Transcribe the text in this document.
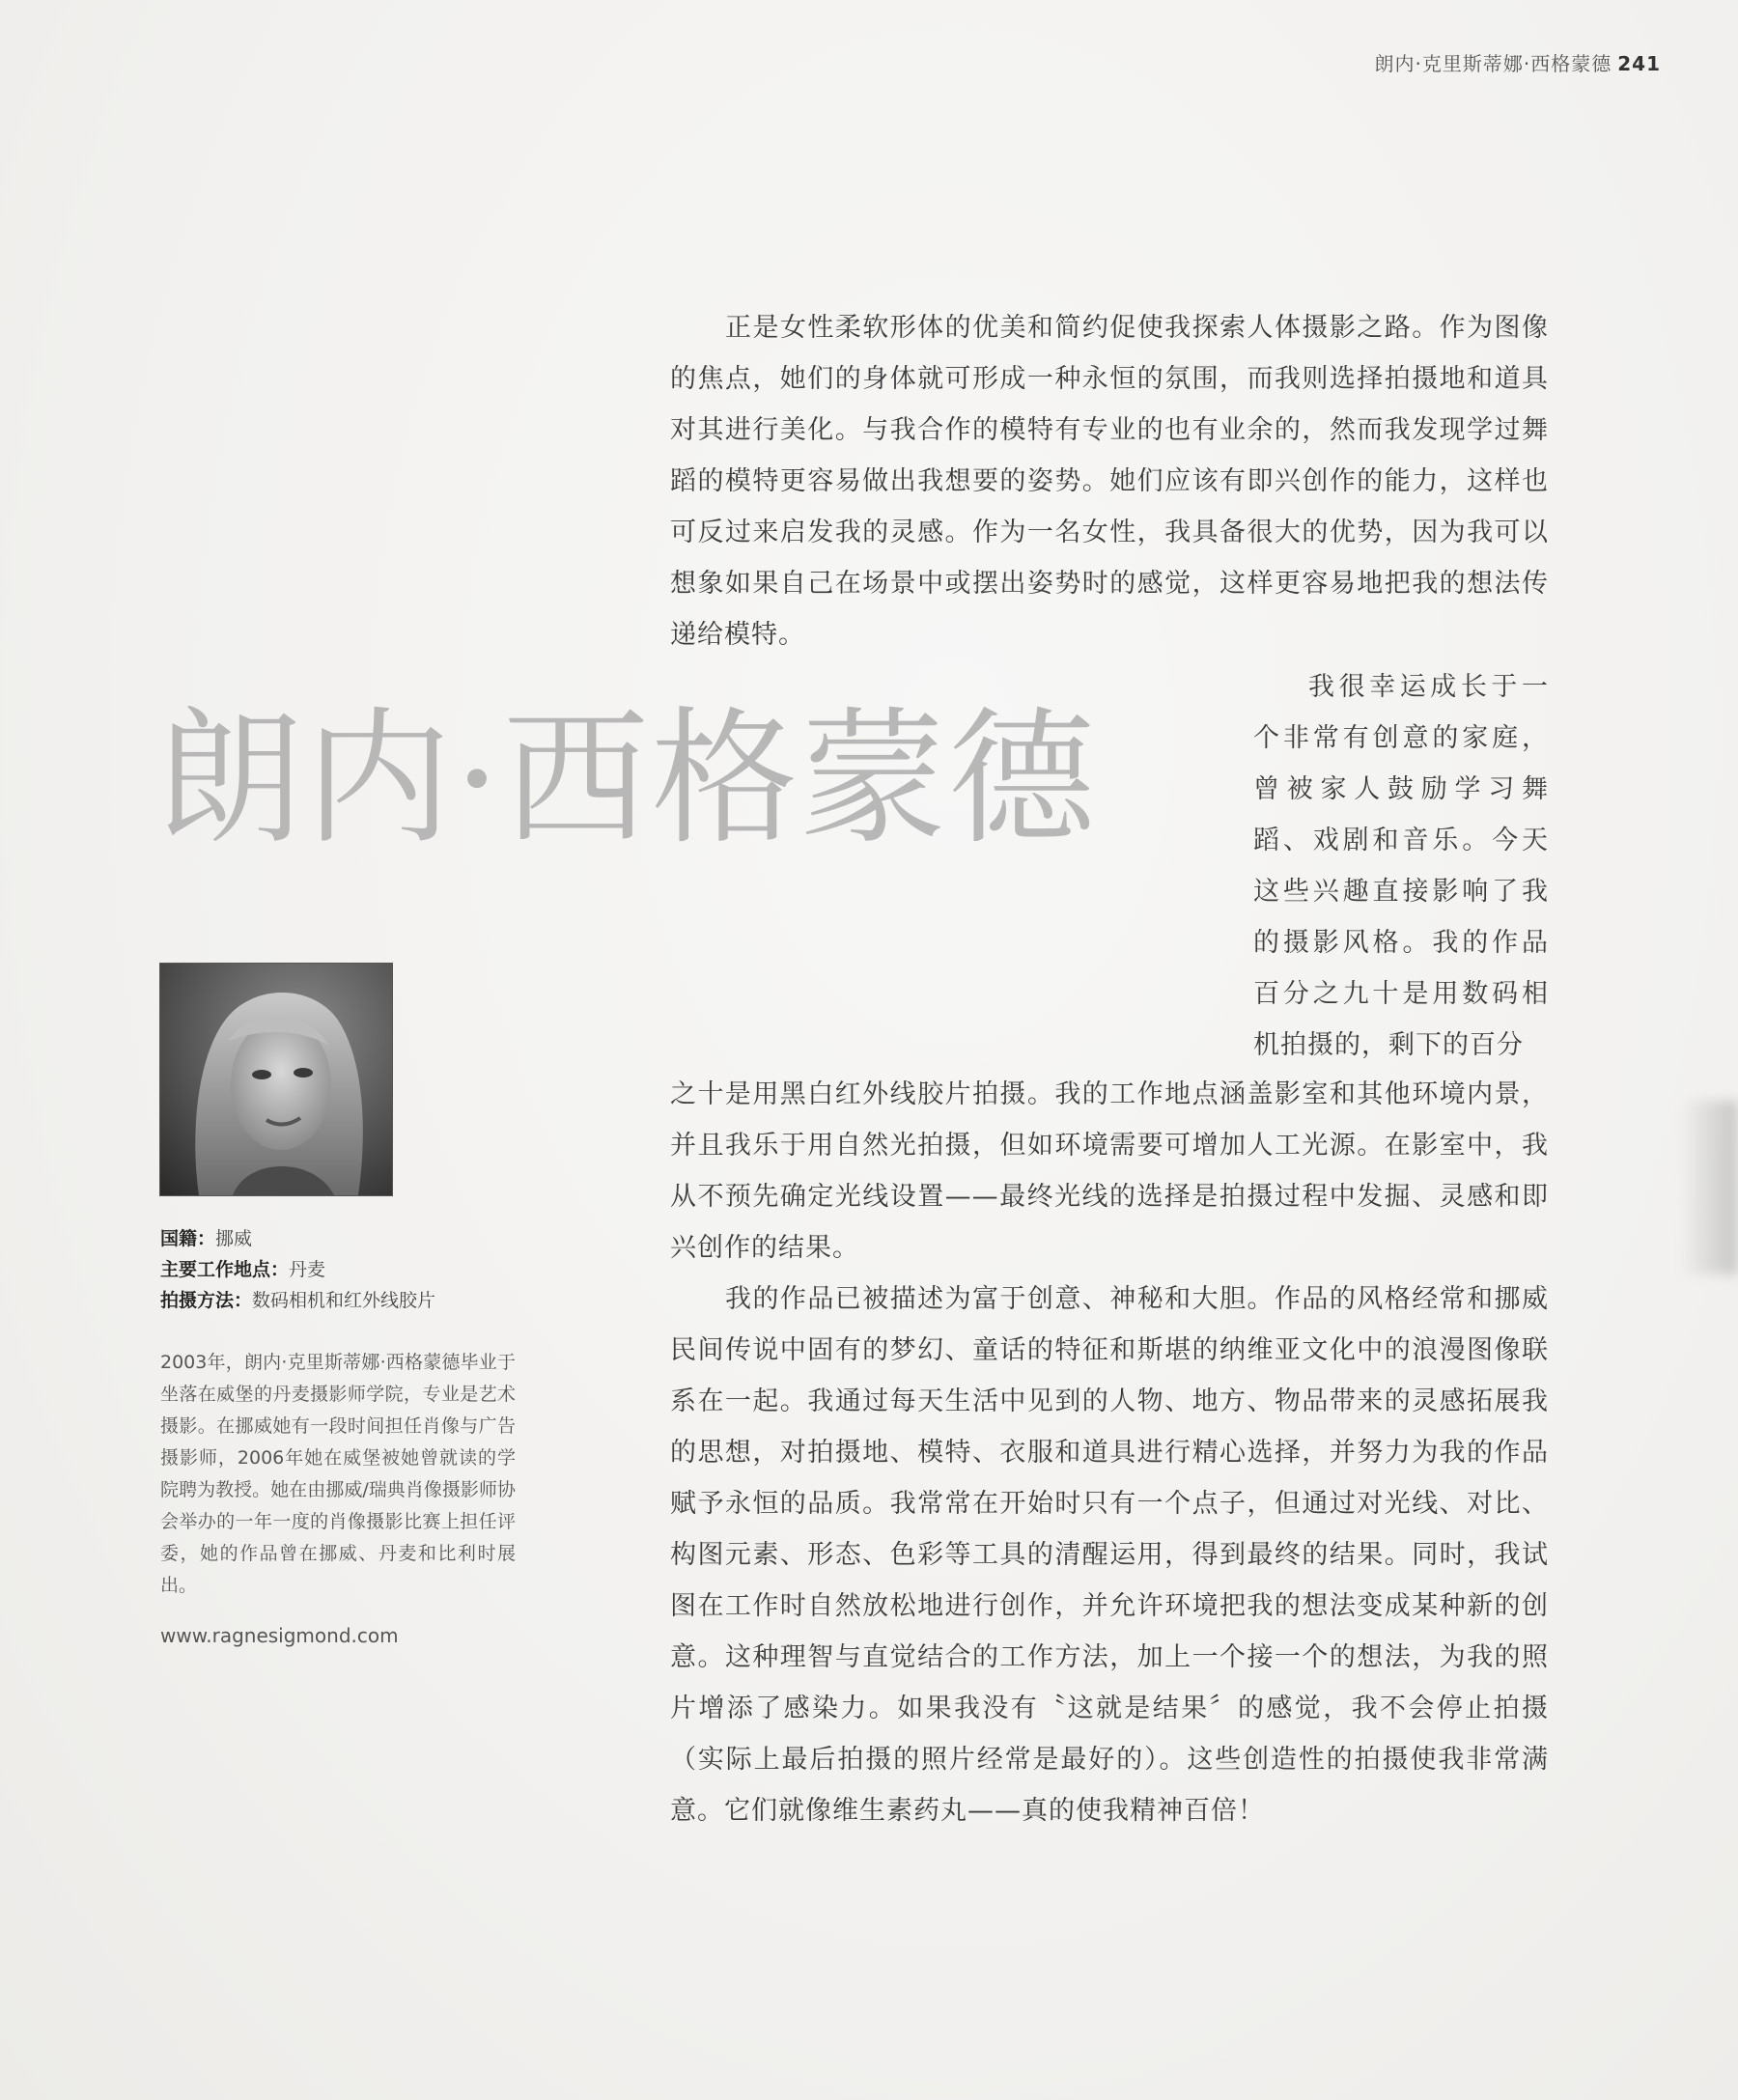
朗内·克里斯蒂娜·西格蒙德 241
正是女性柔软形体的优美和简约促使我探索人体摄影之路。作为图像的焦点，她们的身体就可形成一种永恒的氛围，而我则选择拍摄地和道具对其进行美化。与我合作的模特有专业的也有业余的，然而我发现学过舞蹈的模特更容易做出我想要的姿势。她们应该有即兴创作的能力，这样也可反过来启发我的灵感。作为一名女性，我具备很大的优势，因为我可以想象如果自己在场景中或摆出姿势时的感觉，这样更容易地把我的想法传递给模特。
朗内·西格蒙德
我很幸运成长于一个非常有创意的家庭，曾被家人鼓励学习舞蹈、戏剧和音乐。今天这些兴趣直接影响了我的摄影风格。我的作品百分之九十是用数码相机拍摄的，剩下的百分
之十是用黑白红外线胶片拍摄。我的工作地点涵盖影室和其他环境内景，并且我乐于用自然光拍摄，但如环境需要可增加人工光源。在影室中，我从不预先确定光线设置——最终光线的选择是拍摄过程中发掘、灵感和即兴创作的结果。
我的作品已被描述为富于创意、神秘和大胆。作品的风格经常和挪威民间传说中固有的梦幻、童话的特征和斯堪的纳维亚文化中的浪漫图像联系在一起。我通过每天生活中见到的人物、地方、物品带来的灵感拓展我的思想，对拍摄地、模特、衣服和道具进行精心选择，并努力为我的作品赋予永恒的品质。我常常在开始时只有一个点子，但通过对光线、对比、构图元素、形态、色彩等工具的清醒运用，得到最终的结果。同时，我试图在工作时自然放松地进行创作，并允许环境把我的想法变成某种新的创意。这种理智与直觉结合的工作方法，加上一个接一个的想法，为我的照片增添了感染力。如果我没有〝这就是结果〞的感觉，我不会停止拍摄（实际上最后拍摄的照片经常是最好的）。这些创造性的拍摄使我非常满意。它们就像维生素药丸——真的使我精神百倍！
国籍：挪威
主要工作地点：丹麦
拍摄方法：数码相机和红外线胶片
2003年，朗内·克里斯蒂娜·西格蒙德毕业于坐落在威堡的丹麦摄影师学院，专业是艺术摄影。在挪威她有一段时间担任肖像与广告摄影师，2006年她在威堡被她曾就读的学院聘为教授。她在由挪威/瑞典肖像摄影师协会举办的一年一度的肖像摄影比赛上担任评委，她的作品曾在挪威、丹麦和比利时展出。
www.ragnesigmond.com
